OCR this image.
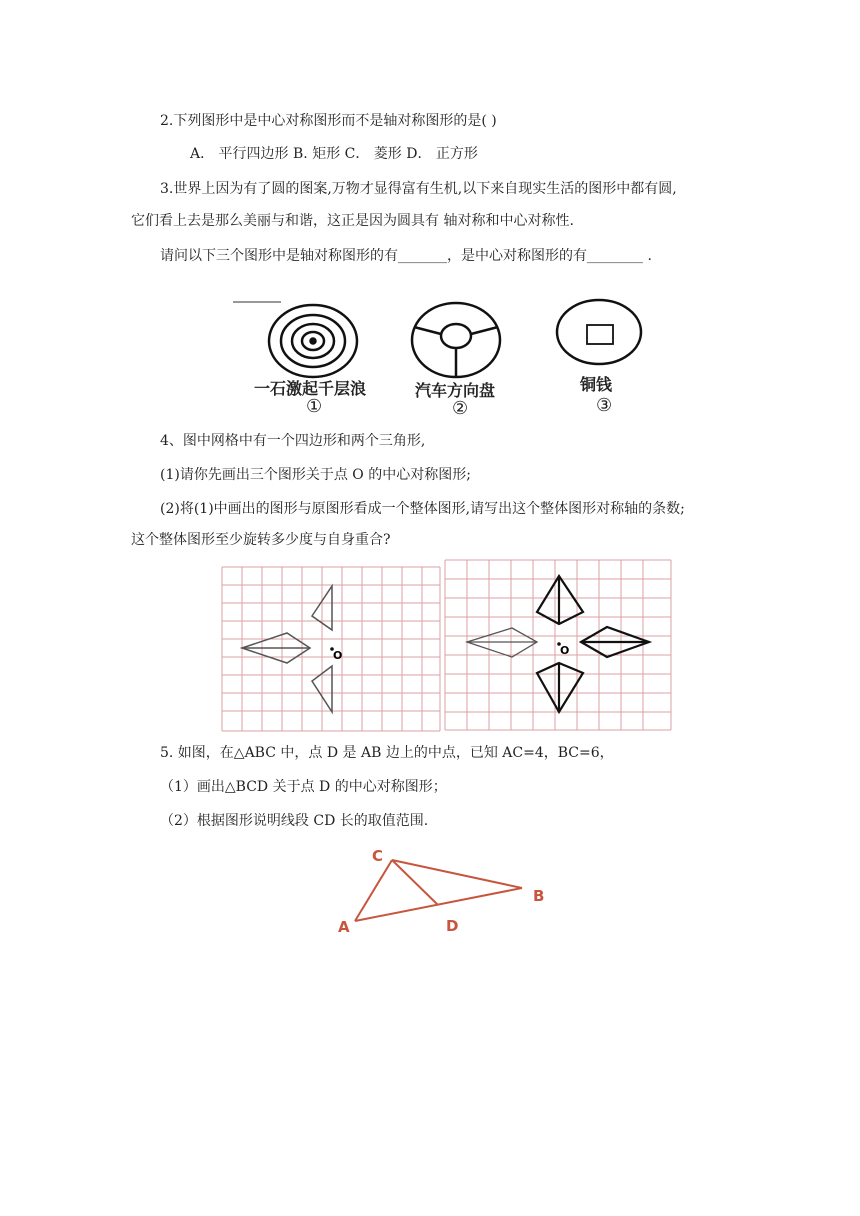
2.下列图形中是中心对称图形而不是轴对称图形的是( )
A． 平行四边形 B. 矩形 C． 菱形 D． 正方形
3.世界上因为有了圆的图案,万物才显得富有生机,以下来自现实生活的图形中都有圆,
它们看上去是那么美丽与和谐，这正是因为圆具有 轴对称和中心对称性.
请问以下三个图形中是轴对称图形的有_______，是中心对称图形的有________ .
一石激起千层浪
①
汽车方向盘
②
铜钱
③
4、图中网格中有一个四边形和两个三角形,
(1)请你先画出三个图形关于点 O 的中心对称图形;
(2)将(1)中画出的图形与原图形看成一个整体图形,请写出这个整体图形对称轴的条数;
这个整体图形至少旋转多少度与自身重合?
O	O
5. 如图，在△ABC 中，点 D 是 AB 边上的中点，已知 AC=4，BC=6，
（1）画出△BCD 关于点 D 的中心对称图形；
（2）根据图形说明线段 CD 长的取值范围.
C
B
A	D
